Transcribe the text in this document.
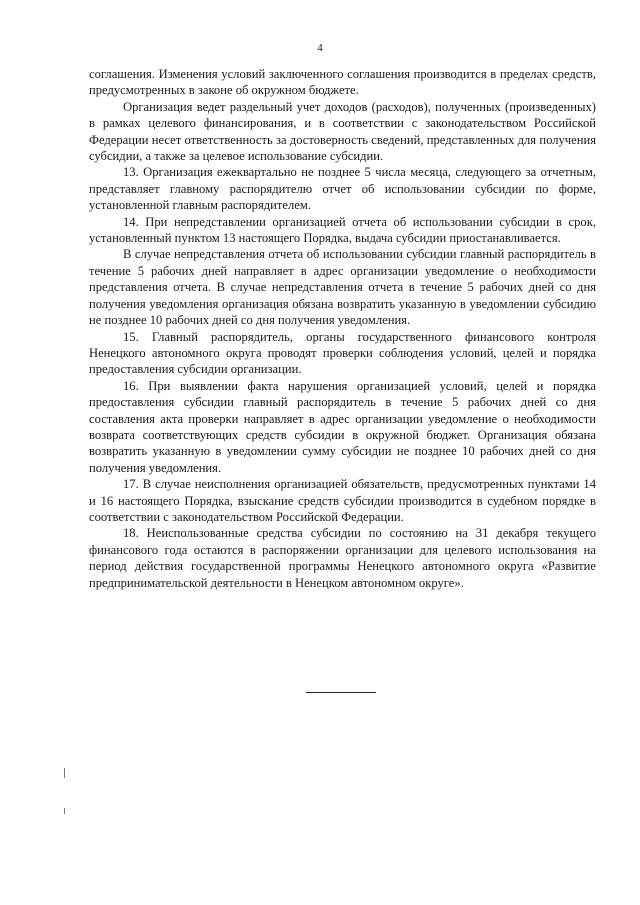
4

соглашения. Изменения условий заключенного соглашения производится в пределах средств, предусмотренных в законе об окружном бюджете.

Организация ведет раздельный учет доходов (расходов), полученных (произведенных) в рамках целевого финансирования, и в соответствии с законодательством Российской Федерации несет ответственность за достоверность сведений, представленных для получения субсидии, а также за целевое использование субсидии.

13. Организация ежеквартально не позднее 5 числа месяца, следующего за отчетным, представляет главному распорядителю отчет об использовании субсидии по форме, установленной главным распорядителем.

14. При непредставлении организацией отчета об использовании субсидии в срок, установленный пунктом 13 настоящего Порядка, выдача субсидии приостанавливается.

В случае непредставления отчета об использовании субсидии главный распорядитель в течение 5 рабочих дней направляет в адрес организации уведомление о необходимости представления отчета. В случае непредставления отчета в течение 5 рабочих дней со дня получения уведомления организация обязана возвратить указанную в уведомлении субсидию не позднее 10 рабочих дней со дня получения уведомления.

15. Главный распорядитель, органы государственного финансового контроля Ненецкого автономного округа проводят проверки соблюдения условий, целей и порядка предоставления субсидии организации.

16. При выявлении факта нарушения организацией условий, целей и порядка предоставления субсидии главный распорядитель в течение 5 рабочих дней со дня составления акта проверки направляет в адрес организации уведомление о необходимости возврата соответствующих средств субсидии в окружной бюджет. Организация обязана возвратить указанную в уведомлении сумму субсидии не позднее 10 рабочих дней со дня получения уведомления.

17. В случае неисполнения организацией обязательств, предусмотренных пунктами 14 и 16 настоящего Порядка, взыскание средств субсидии производится в судебном порядке в соответствии с законодательством Российской Федерации.

18. Неиспользованные средства субсидии по состоянию на 31 декабря текущего финансового года остаются в распоряжении организации для целевого использования на период действия государственной программы Ненецкого автономного округа «Развитие предпринимательской деятельности в Ненецком автономном округе».
